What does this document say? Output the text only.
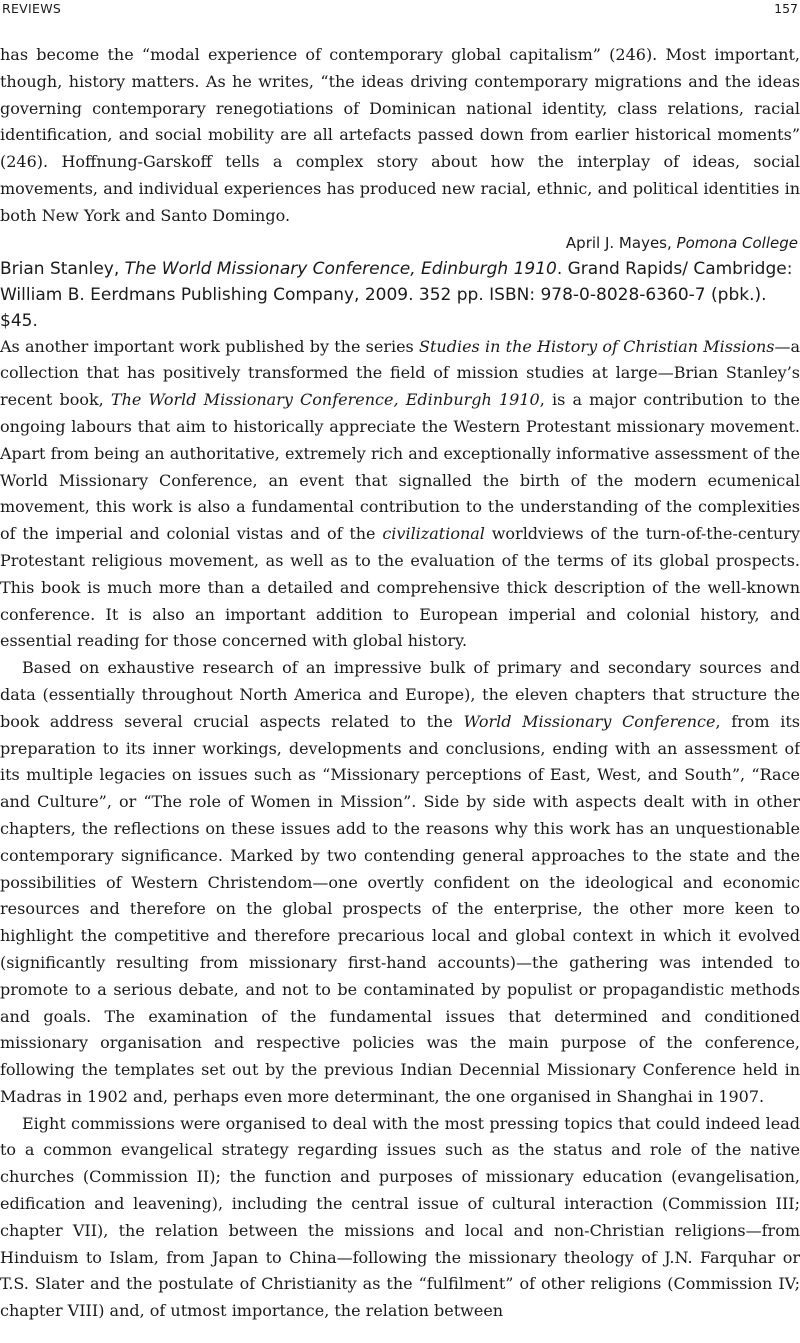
REVIEWS	157

has become the “modal experience of contemporary global capitalism” (246). Most important, though, history matters. As he writes, “the ideas driving contemporary migrations and the ideas governing contemporary renegotiations of Dominican national identity, class relations, racial identification, and social mobility are all artefacts passed down from earlier historical moments” (246). Hoffnung-Garskoff tells a complex story about how the interplay of ideas, social movements, and individual experiences has produced new racial, ethnic, and political identities in both New York and Santo Domingo.

April J. Mayes, Pomona College

Brian Stanley, The World Missionary Conference, Edinburgh 1910. Grand Rapids/ Cambridge: William B. Eerdmans Publishing Company, 2009. 352 pp. ISBN: 978-0-8028-6360-7 (pbk.). $45.

As another important work published by the series Studies in the History of Christian Missions—a collection that has positively transformed the field of mission studies at large—Brian Stanley’s recent book, The World Missionary Conference, Edinburgh 1910, is a major contribution to the ongoing labours that aim to historically appreciate the Western Protestant missionary movement. Apart from being an authoritative, extremely rich and exceptionally informative assessment of the World Missionary Conference, an event that signalled the birth of the modern ecumenical movement, this work is also a fundamental contribution to the understanding of the complexities of the imperial and colonial vistas and of the civilizational worldviews of the turn-of-the-century Protestant religious movement, as well as to the evaluation of the terms of its global prospects. This book is much more than a detailed and comprehensive thick description of the well-known conference. It is also an important addition to European imperial and colonial history, and essential reading for those concerned with global history.

Based on exhaustive research of an impressive bulk of primary and secondary sources and data (essentially throughout North America and Europe), the eleven chapters that structure the book address several crucial aspects related to the World Missionary Conference, from its preparation to its inner workings, developments and conclusions, ending with an assessment of its multiple legacies on issues such as “Missionary perceptions of East, West, and South”, “Race and Culture”, or “The role of Women in Mission”. Side by side with aspects dealt with in other chapters, the reflections on these issues add to the reasons why this work has an unquestionable contemporary significance. Marked by two contending general approaches to the state and the possibilities of Western Christendom—one overtly confident on the ideological and economic resources and therefore on the global prospects of the enterprise, the other more keen to highlight the competitive and therefore precarious local and global context in which it evolved (significantly resulting from missionary first-hand accounts)—the gathering was intended to promote to a serious debate, and not to be contaminated by populist or propagandistic methods and goals. The examination of the fundamental issues that determined and conditioned missionary organisation and respective policies was the main purpose of the conference, following the templates set out by the previous Indian Decennial Missionary Conference held in Madras in 1902 and, perhaps even more determinant, the one organised in Shanghai in 1907.

Eight commissions were organised to deal with the most pressing topics that could indeed lead to a common evangelical strategy regarding issues such as the status and role of the native churches (Commission II); the function and purposes of missionary education (evangelisation, edification and leavening), including the central issue of cultural interaction (Commission III; chapter VII), the relation between the missions and local and non-Christian religions—from Hinduism to Islam, from Japan to China—following the missionary theology of J.N. Farquhar or T.S. Slater and the postulate of Christianity as the “fulfilment” of other religions (Commission IV; chapter VIII) and, of utmost importance, the relation between
